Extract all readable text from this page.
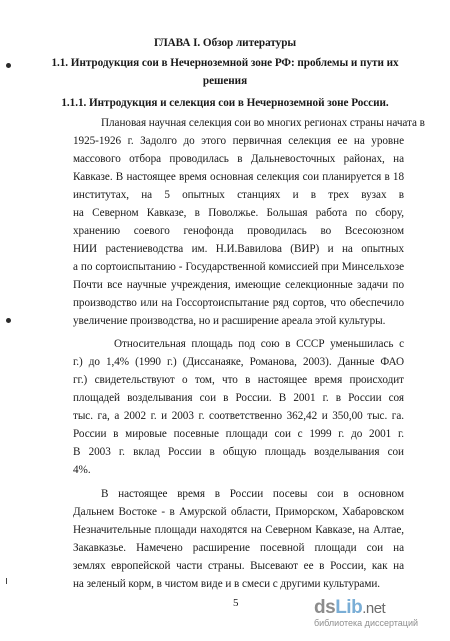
ГЛАВА I. Обзор литературы
1.1. Интродукция сои в Нечерноземной зоне РФ: проблемы и пути их
решения
1.1.1. Интродукция и селекция сои в Нечерноземной зоне России.
Плановая научная селекция сои во многих регионах страны начата в
1925-1926 г. Задолго до этого первичная селекция ее на уровне
массового отбора проводилась в Дальневосточных районах, на
Кавказе. В настоящее время основная селекция сои планируется в 18
институтах, на 5 опытных станциях и в трех вузах в
на Северном Кавказе, в Поволжье. Большая работа по сбору,
хранению соевого генофонда проводилась во Всесоюзном
НИИ растениеводства им. Н.И.Вавилова (ВИР) и на опытных
а по сортоиспытанию - Государственной комиссией при Минсельхозе
Почти все научные учреждения, имеющие селекционные задачи по
производство или на Госсортоиспытание ряд сортов, что обеспечило
увеличение производства, но и расширение ареала этой культуры.
Относительная площадь под сою в СССР уменьшилась с
г.) до 1,4% (1990 г.) (Диссанаяке, Романова, 2003). Данные ФАО
гг.) свидетельствуют о том, что в настоящее время происходит
площадей возделывания сои в России. В 2001 г. в России соя
тыс. га, а 2002 г. и 2003 г. соответственно 362,42 и 350,00 тыс. га.
России в мировые посевные площади сои с 1999 г. до 2001 г.
В 2003 г. вклад России в общую площадь возделывания сои
4%.
В настоящее время в России посевы сои в основном
Дальнем Востоке - в Амурской области, Приморском, Хабаровском
Незначительные площади находятся на Северном Кавказе, на Алтае,
Закавказье. Намечено расширение посевной площади сои на
землях европейской части страны. Высевают ее в России, как на
на зеленый корм, в чистом виде и в смеси с другими культурами.
5	dsLib.net
библиотека диссертаций
